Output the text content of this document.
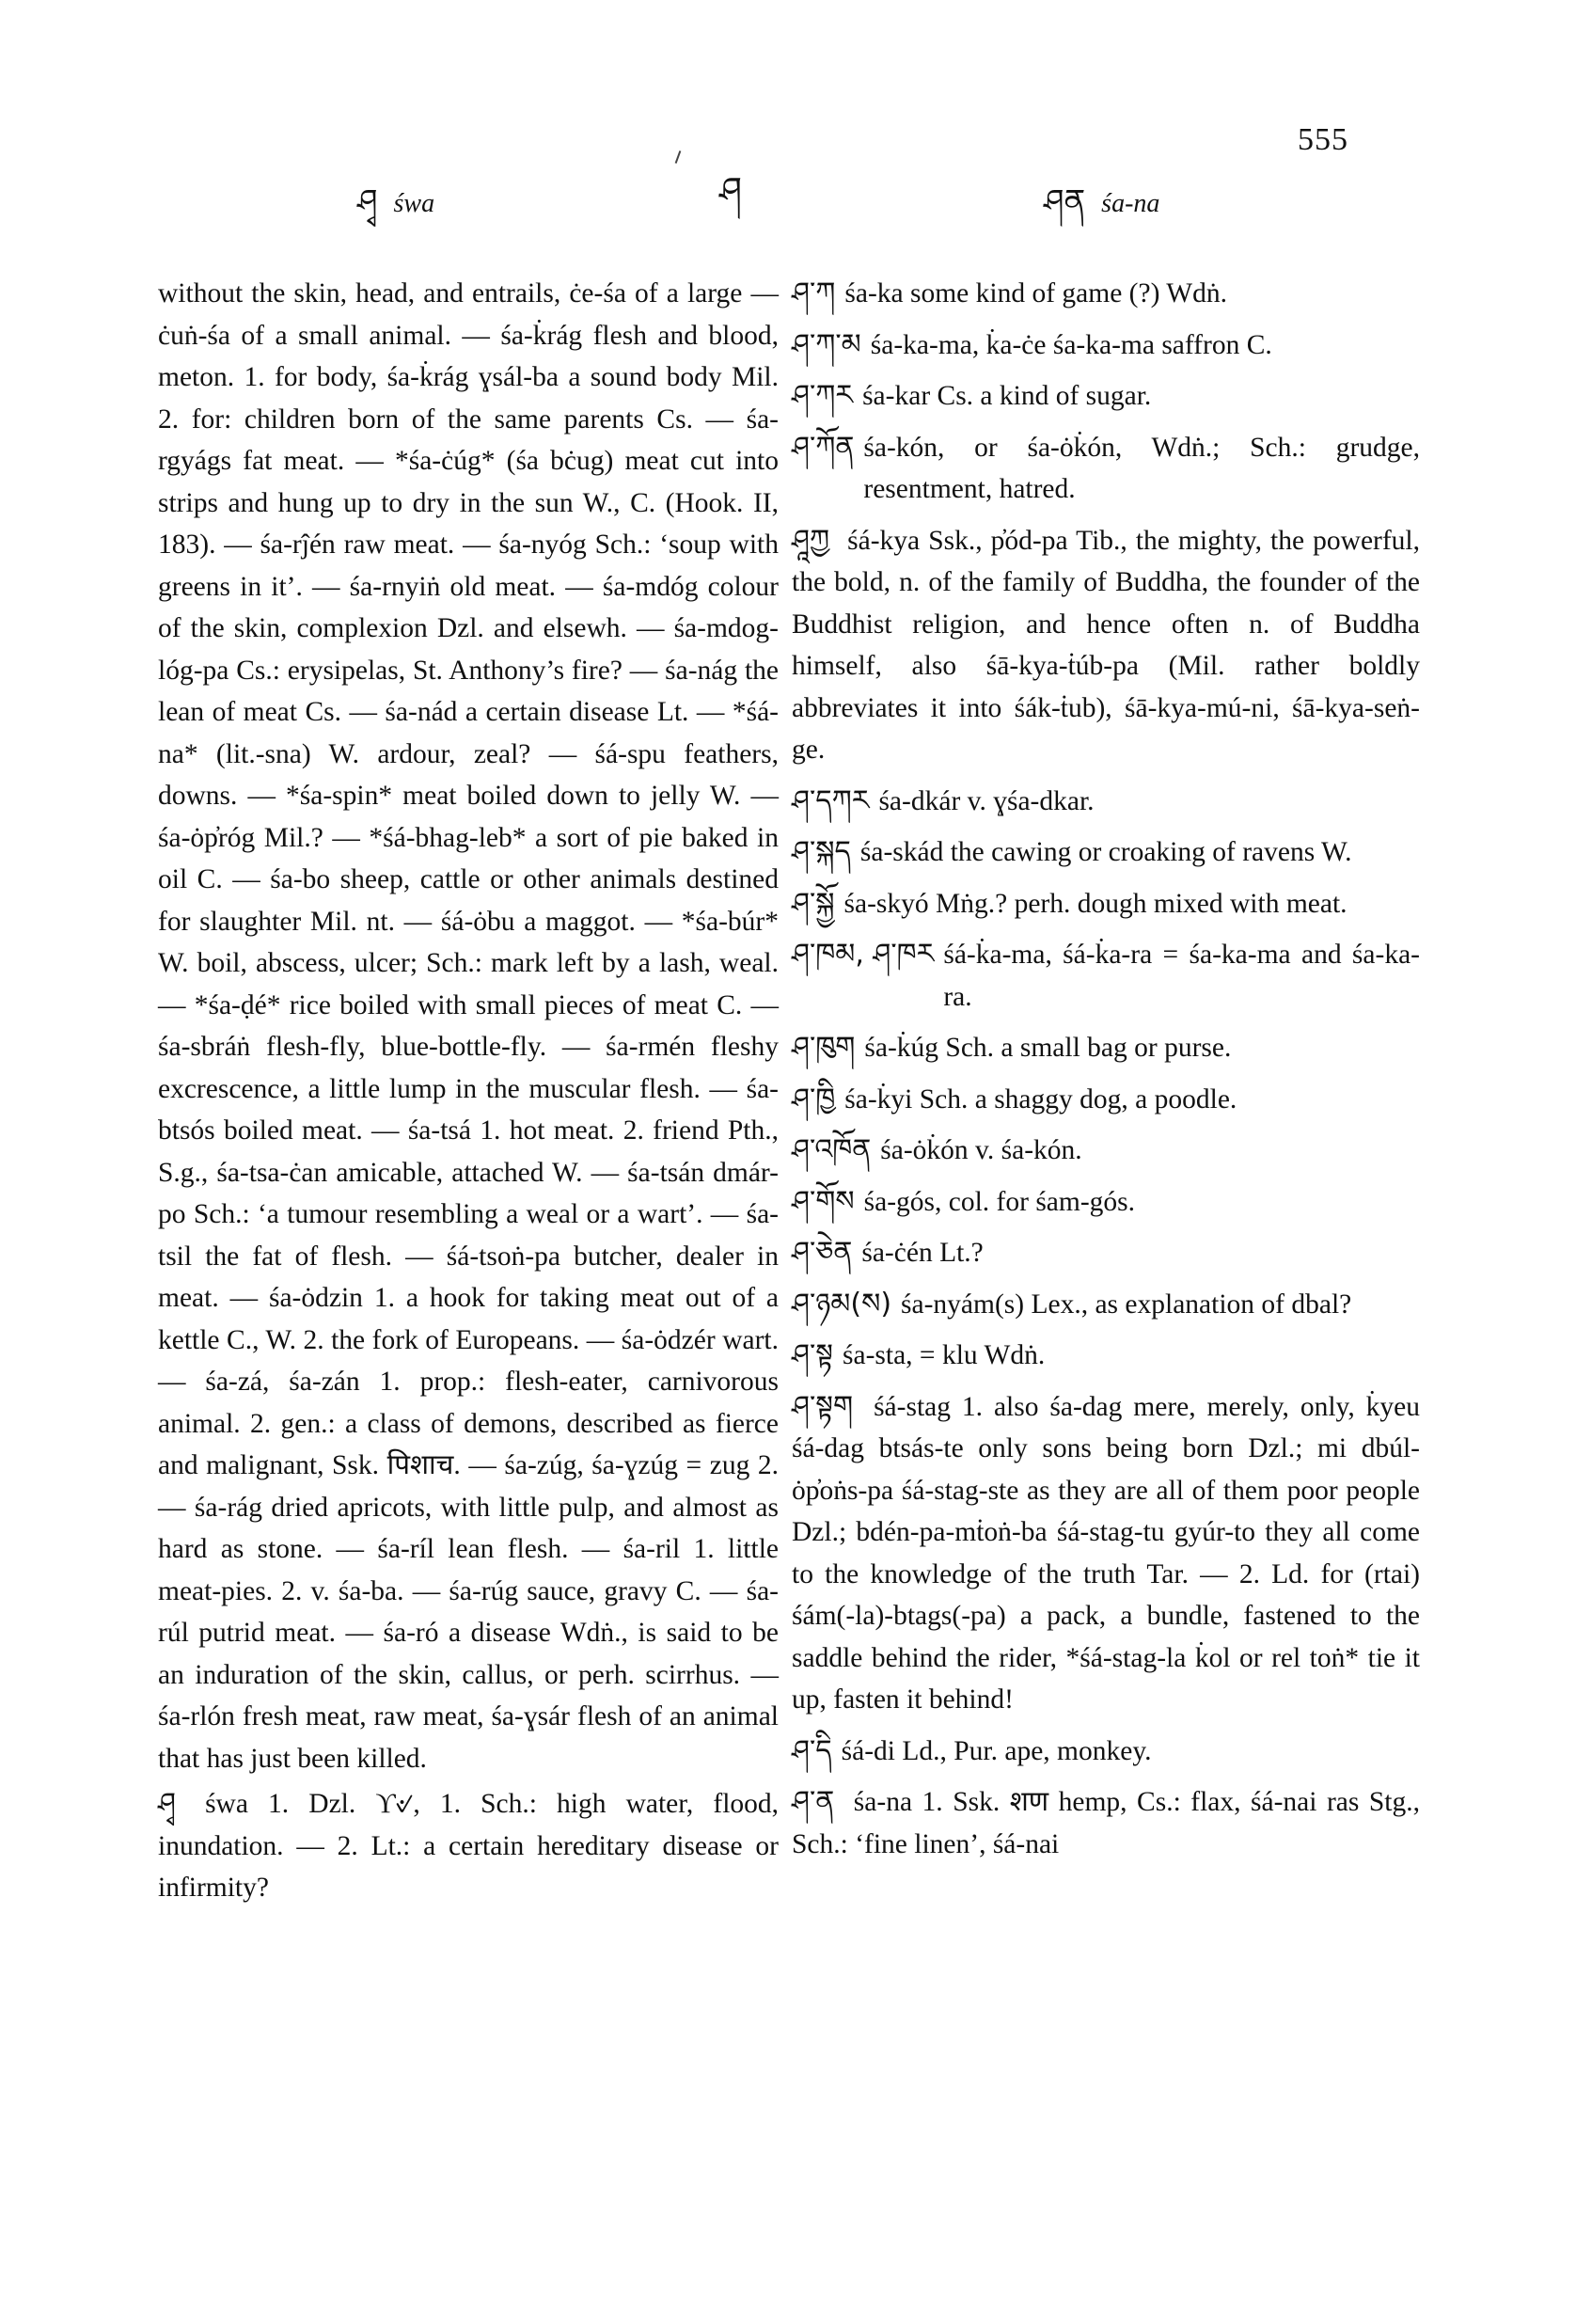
555
ཤྭ śwa	ཤ	ཤན śa-na

without the skin, head, and entrails, ċe-śa of a large — ċuṅ-śa of a small animal. — śa-k̇rág flesh and blood, meton. 1. for body, śa-k̇rág ɣsál-ba a sound body Mil. 2. for: children born of the same parents Cs. — śa-rgyágs fat meat. — *śa-ċúg* (śa bċug) meat cut into strips and hung up to dry in the sun W., C. (Hook. II, 183). — śa-rĵén raw meat. — śa-nyóg Sch.: ‘soup with greens in it’. — śa-rnyiṅ old meat. — śa-mdóg colour of the skin, complexion Dzl. and elsewh. — śa-mdog-lóg-pa Cs.: erysipelas, St. Anthony’s fire? — śa-nág the lean of meat Cs. — śa-nád a certain disease Lt. — *śá-na* (lit.-sna) W. ardour, zeal? — śá-spu feathers, downs. — *śa-spin* meat boiled down to jelly W. — śa-ȯp̓róg Mil.? — *śá-bhag-leb* a sort of pie baked in oil C. — śa-bo sheep, cattle or other animals destined for slaughter Mil. nt. — śá-ȯbu a maggot. — *śa-búr* W. boil, abscess, ulcer; Sch.: mark left by a lash, weal. — *śa-ḍé* rice boiled with small pieces of meat C. — śa-sbráṅ flesh-fly, blue-bottle-fly. — śa-rmén fleshy excrescence, a little lump in the muscular flesh. — śa-btsós boiled meat. — śa-tsá 1. hot meat. 2. friend Pth., S.g., śa-tsa-ċan amicable, attached W. — śa-tsán dmár-po Sch.: ‘a tumour resembling a weal or a wart’. — śa-tsil the fat of flesh. — śá-tsoṅ-pa butcher, dealer in meat. — śa-ȯdzin 1. a hook for taking meat out of a kettle C., W. 2. the fork of Europeans. — śa-ȯdzér wart. — śa-zá, śa-zán 1. prop.: flesh-eater, carnivorous animal. 2. gen.: a class of demons, described as fierce and malignant, Ssk. पिशाच. — śa-zúg, śa-ɣzúg = zug 2. — śa-rág dried apricots, with little pulp, and almost as hard as stone. — śa-ríl lean flesh. — śa-ril 1. little meat-pies. 2. v. śa-ba. — śa-rúg sauce, gravy C. — śa-rúl putrid meat. — śa-ró a disease Wdṅ., is said to be an induration of the skin, callus, or perh. scirrhus. — śa-rlón fresh meat, raw meat, śa-ɣsár flesh of an animal that has just been killed.

ཤྭ śwa 1. Dzl. ϒ୰, 1. Sch.: high water, flood, inundation. — 2. Lt.: a certain hereditary disease or infirmity?
ཤ་ཀ śa-ka some kind of game (?) Wdṅ.
ཤ་ཀ་མ śa-ka-ma, k̇a-ċe śa-ka-ma saffron C.
ཤ་ཀར śa-kar Cs. a kind of sugar.
ཤ་ཀོན śa-kón, or śa-ȯk̇ón, Wdṅ.; Sch.: grudge, resentment, hatred.
ཤཱཀྱ śá-kya Ssk., p̓ód-pa Tib., the mighty, the powerful, the bold, n. of the family of Buddha, the founder of the Buddhist religion, and hence often n. of Buddha himself, also śā-kya-ṫúb-pa (Mil. rather boldly abbreviates it into śák-ṫub), śā-kya-mú-ni, śā-kya-seṅ-ge.
ཤ་དཀར śa-dkár v. ɣśa-dkar.
ཤ་སྐད śa-skád the cawing or croaking of ravens W.
ཤ་སྐྱོ śa-skyó Mṅg.? perh. dough mixed with meat.
ཤ་ཁམ, ཤ་ཁར śá-k̇a-ma, śá-k̇a-ra = śa-ka-ma and śa-ka-ra.
ཤ་ཁུག śa-k̇úg Sch. a small bag or purse.
ཤ་ཁྱི śa-k̇yi Sch. a shaggy dog, a poodle.
ཤ་འཁོན śa-ȯk̇ón v. śa-kón.
ཤ་གོས śa-gós, col. for śam-gós.
ཤ་ཅེན śa-ċén Lt.?
ཤ་ཉམ(ས) śa-nyám(s) Lex., as explanation of dbal?
ཤ་སྟ śa-sta, = klu Wdṅ.
ཤ་སྟག śá-stag 1. also śa-dag mere, merely, only, k̇yeu śá-dag btsás-te only sons being born Dzl.; mi dbúl-ȯp̓oṅs-pa śá-stag-ste as they are all of them poor people Dzl.; bdén-pa-mṫoṅ-ba śá-stag-tu gyúr-to they all come to the knowledge of the truth Tar. — 2. Ld. for (rtai) śám(-la)-btags(-pa) a pack, a bundle, fastened to the saddle behind the rider, *śá-stag-la k̇ol or rel toṅ* tie it up, fasten it behind!
ཤ་དི śá-di Ld., Pur. ape, monkey.
ཤ་ན śa-na 1. Ssk. शण hemp, Cs.: flax, śá-nai ras Stg., Sch.: ‘fine linen’, śá-nai
